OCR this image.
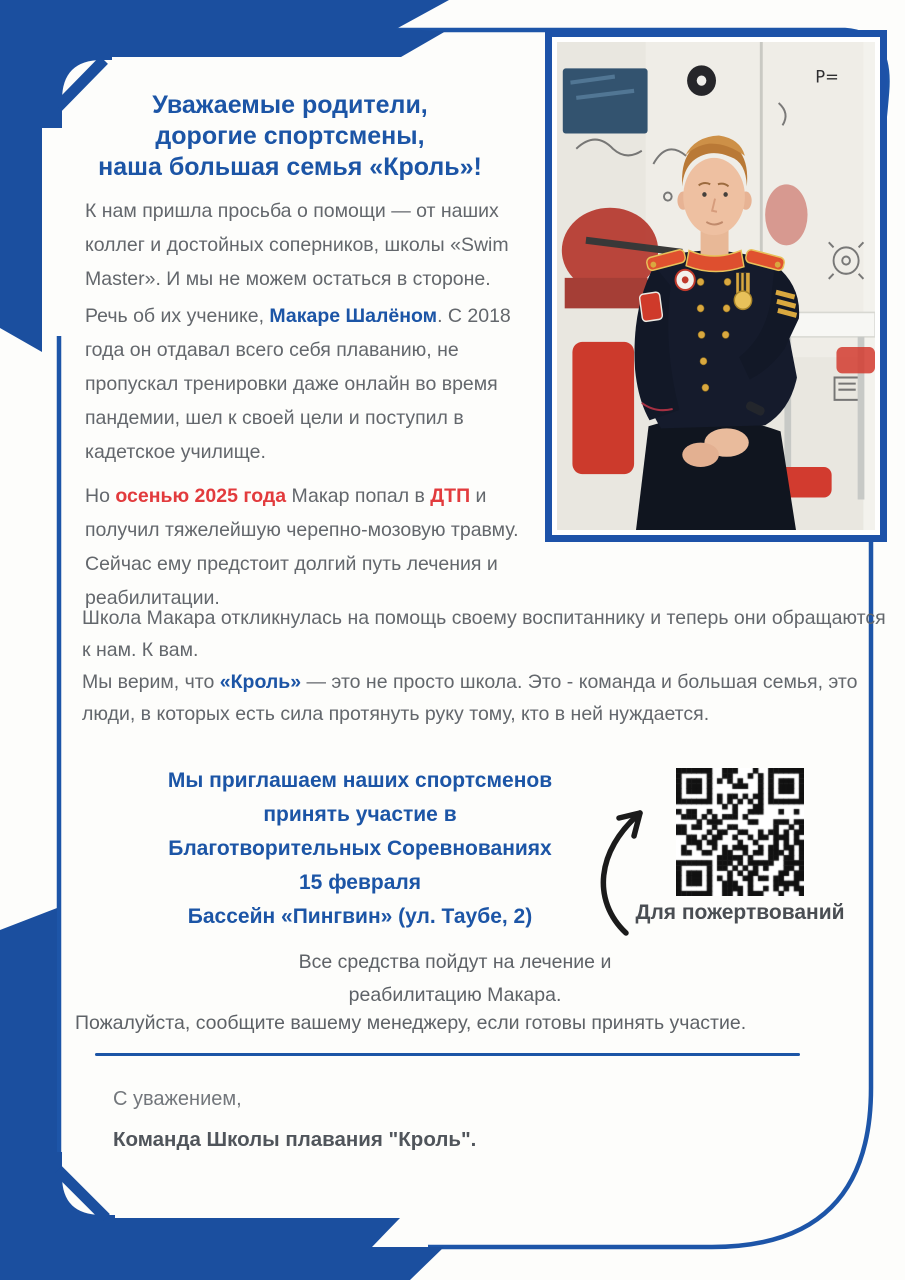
Уважаемые родители,
дорогие спортсмены,
наша большая семья «Кроль»!

К нам пришла просьба о помощи — от наших коллег и достойных соперников, школы «Swim Master». И мы не можем остаться в стороне.

Речь об их ученике, Макаре Шалёном. С 2018 года он отдавал всего себя плаванию, не пропускал тренировки даже онлайн во время пандемии, шел к своей цели и поступил в кадетское училище.

Но осенью 2025 года Макар попал в ДТП и получил тяжелейшую черепно-мозовую травму. Сейчас ему предстоит долгий путь лечения и реабилитации.

Школа Макара откликнулась на помощь своему воспитаннику и теперь они обращаются к нам. К вам.

Мы верим, что «Кроль» — это не просто школа. Это - команда и большая семья, это люди, в которых есть сила протянуть руку тому, кто в ней нуждается.

Мы приглашаем наших спортсменов
принять участие в
Благотворительных Соревнованиях
15 февраля
Бассейн «Пингвин» (ул. Таубе, 2)	Для пожертвований
Все средства пойдут на лечение и
реабилитацию Макара.
Пожалуйста, сообщите вашему менеджеру, если готовы принять участие.
С уважением,
Команда Школы плавания "Кроль".
P=
